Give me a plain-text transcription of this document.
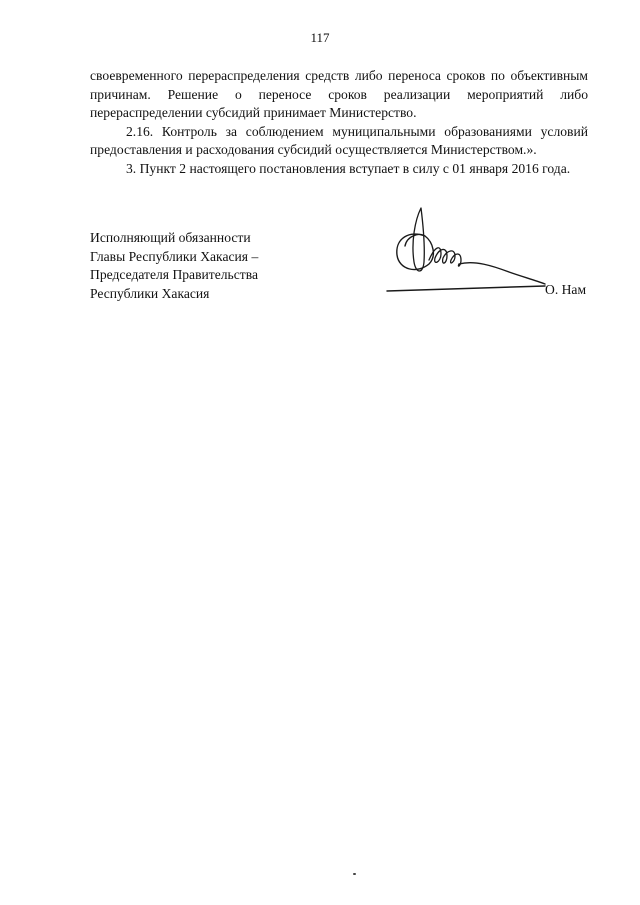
117

своевременного перераспределения средств либо переноса сроков по объективным причинам. Решение о переносе сроков реализации мероприятий либо перераспределении субсидий принимает Министерство.

2.16. Контроль за соблюдением муниципальными образованиями условий предоставления и расходования субсидий осуществляется Министерством.».

3. Пункт 2 настоящего постановления вступает в силу с 01 января 2016 года.

Исполняющий обязанности
Главы Республики Хакасия –
Председателя Правительства
Республики Хакасия	О. Нам
